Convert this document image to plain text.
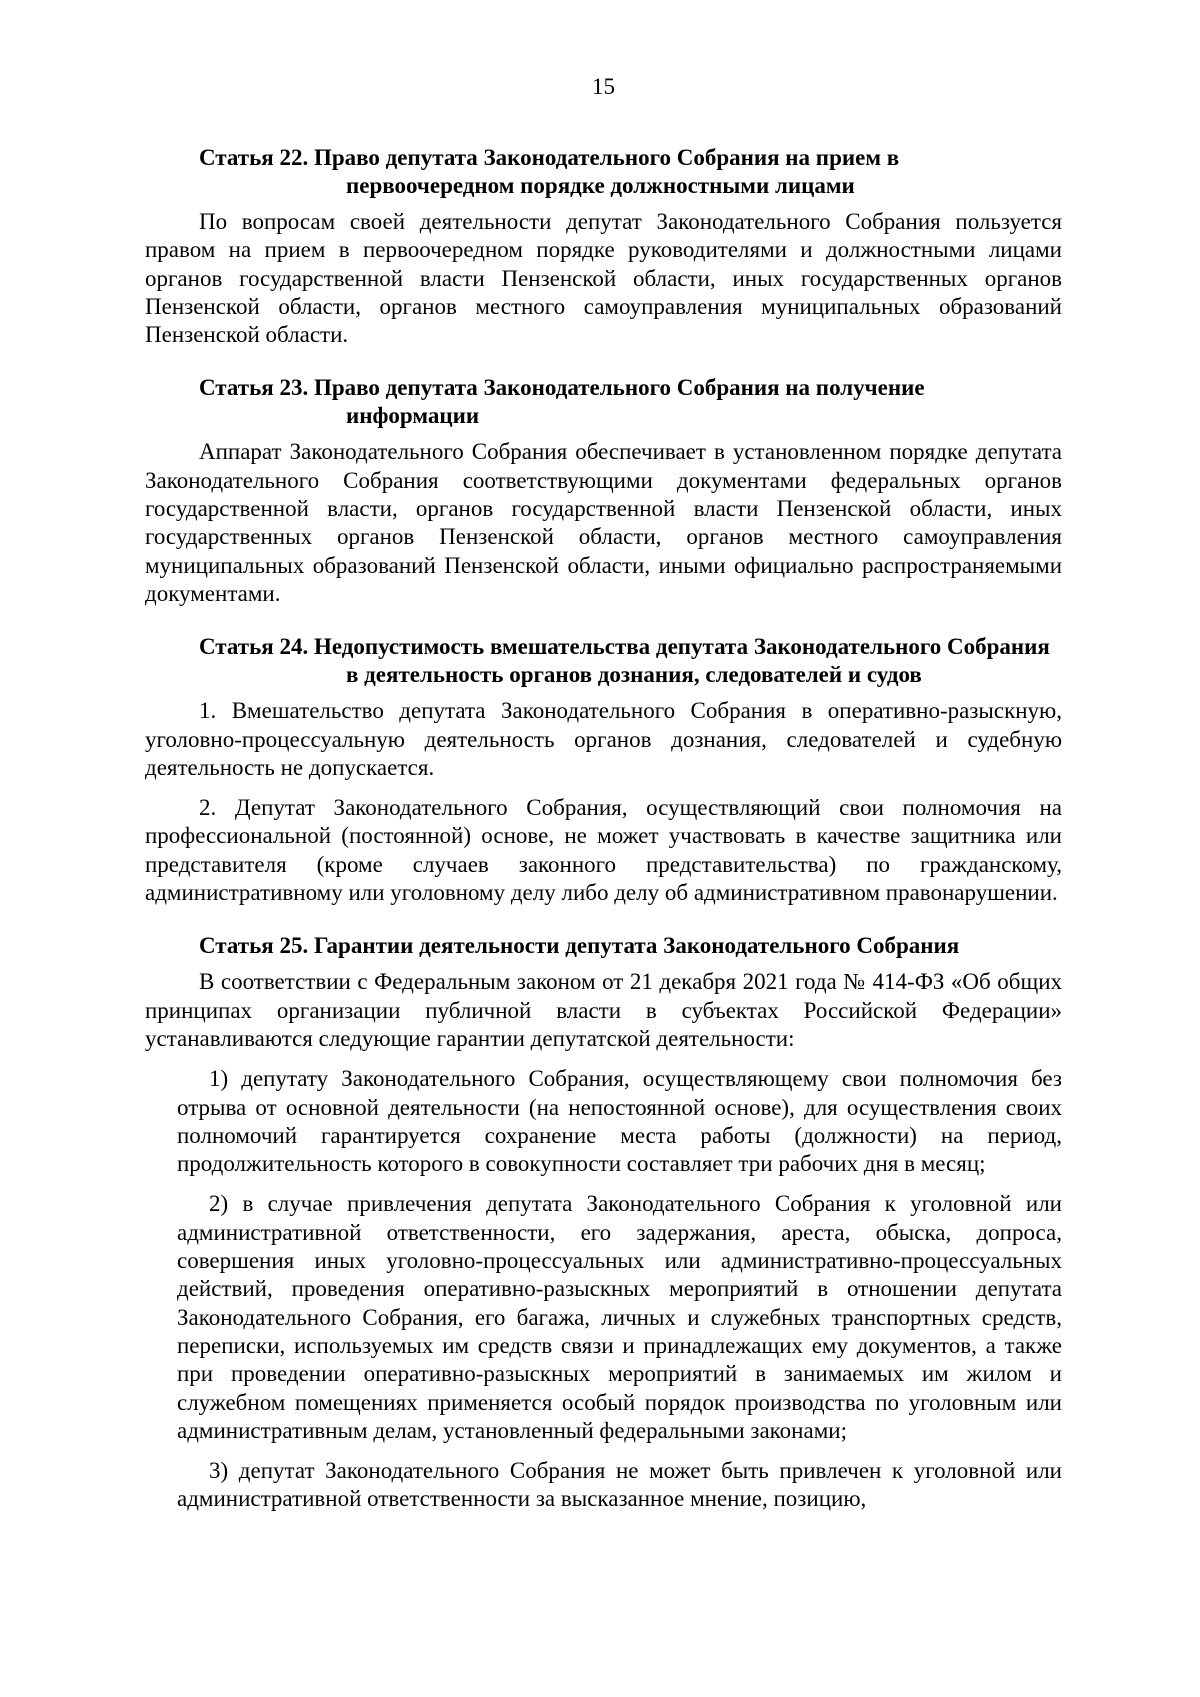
15
Статья 22. Право депутата Законодательного Собрания на прием в первоочередном порядке должностными лицами

По вопросам своей деятельности депутат Законодательного Собрания пользуется правом на прием в первоочередном порядке руководителями и должностными лицами органов государственной власти Пензенской области, иных государственных органов Пензенской области, органов местного самоуправления муниципальных образований Пензенской области.

Статья 23. Право депутата Законодательного Собрания на получение информации

Аппарат Законодательного Собрания обеспечивает в установленном порядке депутата Законодательного Собрания соответствующими документами федеральных органов государственной власти, органов государственной власти Пензенской области, иных государственных органов Пензенской области, органов местного самоуправления муниципальных образований Пензенской области, иными официально распространяемыми документами.

Статья 24. Недопустимость вмешательства депутата Законодательного Собрания в деятельность органов дознания, следователей и судов

1. Вмешательство депутата Законодательного Собрания в оперативно-разыскную, уголовно-процессуальную деятельность органов дознания, следователей и судебную деятельность не допускается.

2. Депутат Законодательного Собрания, осуществляющий свои полномочия на профессиональной (постоянной) основе, не может участвовать в качестве защитника или представителя (кроме случаев законного представительства) по гражданскому, административному или уголовному делу либо делу об административном правонарушении.

Статья 25. Гарантии деятельности депутата Законодательного Собрания

В соответствии с Федеральным законом от 21 декабря 2021 года № 414-ФЗ «Об общих принципах организации публичной власти в субъектах Российской Федерации» устанавливаются следующие гарантии депутатской деятельности:

1) депутату Законодательного Собрания, осуществляющему свои полномочия без отрыва от основной деятельности (на непостоянной основе), для осуществления своих полномочий гарантируется сохранение места работы (должности) на период, продолжительность которого в совокупности составляет три рабочих дня в месяц;

2) в случае привлечения депутата Законодательного Собрания к уголовной или административной ответственности, его задержания, ареста, обыска, допроса, совершения иных уголовно-процессуальных или административно-процессуальных действий, проведения оперативно-разыскных мероприятий в отношении депутата Законодательного Собрания, его багажа, личных и служебных транспортных средств, переписки, используемых им средств связи и принадлежащих ему документов, а также при проведении оперативно-разыскных мероприятий в занимаемых им жилом и служебном помещениях применяется особый порядок производства по уголовным или административным делам, установленный федеральными законами;

3) депутат Законодательного Собрания не может быть привлечен к уголовной или административной ответственности за высказанное мнение, позицию,
